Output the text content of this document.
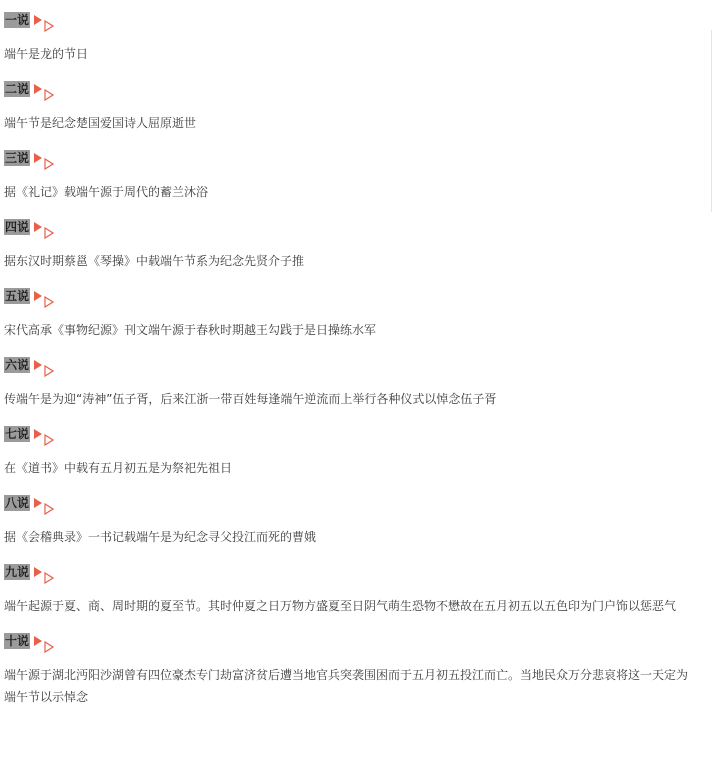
一说

端午是龙的节日

二说

端午节是纪念楚国爱国诗人屈原逝世

三说

据《礼记》载端午源于周代的蓄兰沐浴

四说

据东汉时期蔡邕《琴操》中载端午节系为纪念先贤介子推

五说

宋代高承《事物纪源》刊文端午源于春秋时期越王勾践于是日操练水军

六说

传端午是为迎“涛神”伍子胥，后来江浙一带百姓每逢端午逆流而上举行各种仪式以悼念伍子胥

七说

在《道书》中载有五月初五是为祭祀先祖日

八说

据《会稽典录》一书记载端午是为纪念寻父投江而死的曹娥

九说

端午起源于夏、商、周时期的夏至节。其时仲夏之日万物方盛夏至日阴气萌生恐物不懋故在五月初五以五色印为门户饰以惩恶气

十说

端午源于湖北沔阳沙湖曾有四位豪杰专门劫富济贫后遭当地官兵突袭围困而于五月初五投江而亡。当地民众万分悲哀将这一天定为端午节以示悼念
